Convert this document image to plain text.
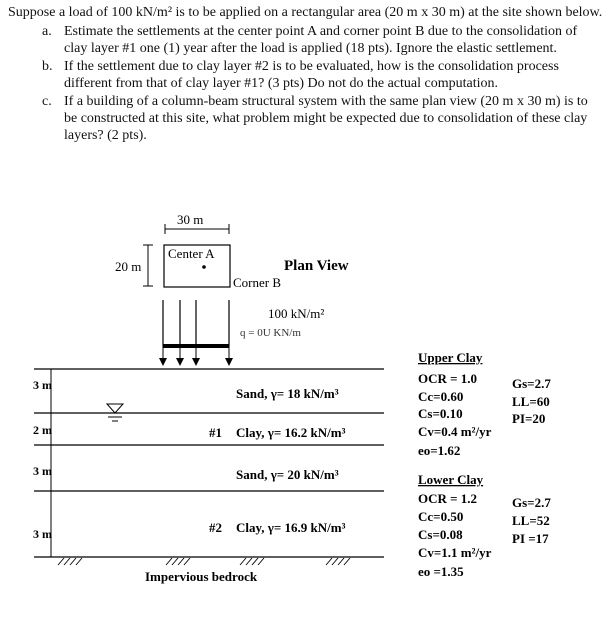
Suppose a load of 100 kN/m² is to be applied on a rectangular area (20 m x 30 m) at the site shown below.

a. Estimate the settlements at the center point A and corner point B due to the consolidation of clay layer #1 one (1) year after the load is applied (18 pts). Ignore the elastic settlement.
b. If the settlement due to clay layer #2 is to be evaluated, how is the consolidation process different from that of clay layer #1? (3 pts) Do not do the actual computation.
c. If a building of a column-beam structural system with the same plan view (20 m x 30 m) is to be constructed at this site, what problem might be expected due to consolidation of these clay layers? (2 pts).
30 m
20 m
Center A
Corner B
Plan View
100 kN/m²
q = 0U KN/m
3 m
2 m
3 m
3 m
Sand, γ= 18 kN/m³
#1 Clay, γ= 16.2 kN/m³
Sand, γ= 20 kN/m³
#2 Clay, γ= 16.9 kN/m³
Impervious bedrock
Upper Clay
OCR = 1.0
Cc=0.60
Cs=0.10
Cv=0.4 m²/yr
eo=1.62
Gs=2.7
LL=60
PI=20
Lower Clay
OCR = 1.2
Cc=0.50
Cs=0.08
Cv=1.1 m²/yr
eo =1.35
Gs=2.7
LL=52
PI =17
